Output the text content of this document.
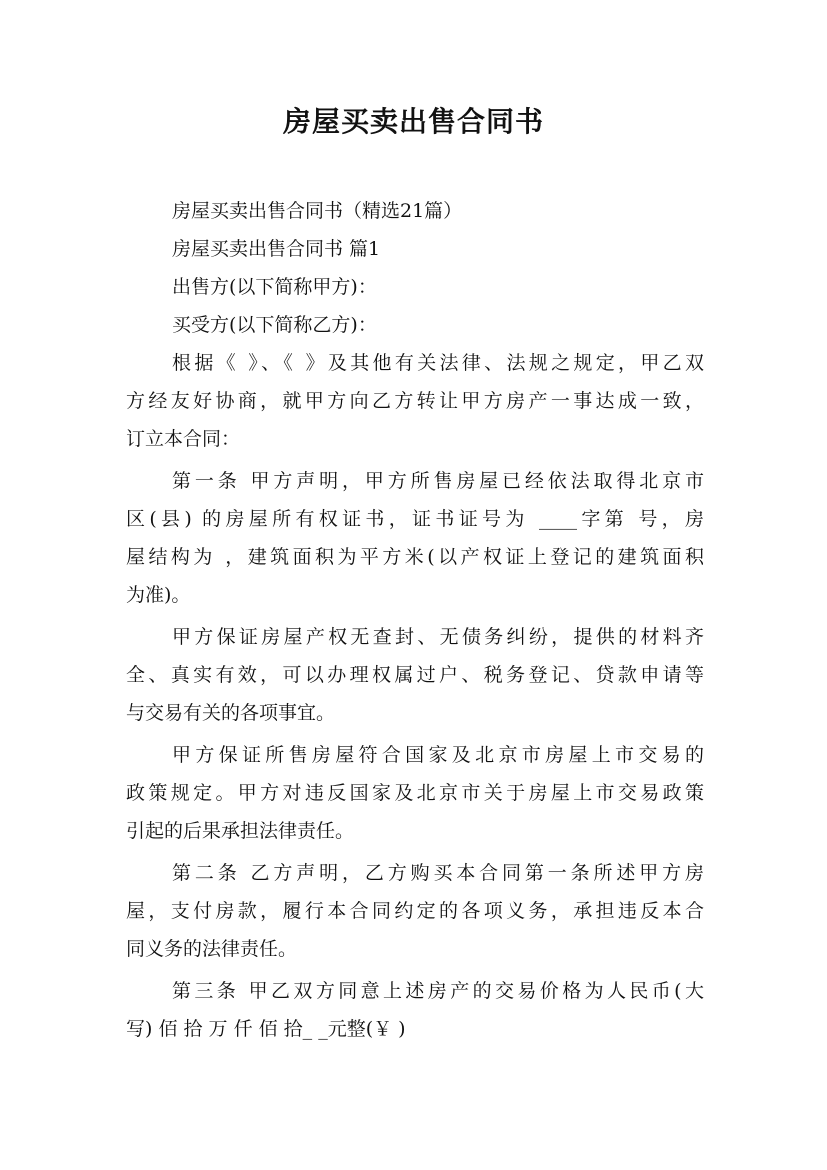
房屋买卖出售合同书

房屋买卖出售合同书（精选21篇）

房屋买卖出售合同书 篇1

出售方(以下简称甲方)：

买受方(以下简称乙方)：

根据《 》、《 》及其他有关法律、法规之规定，甲乙双
方经友好协商，就甲方向乙方转让甲方房产一事达成一致，
订立本合同：
第一条 甲方声明，甲方所售房屋已经依法取得北京市
区(县) 的房屋所有权证书，证书证号为 ____字第 号，房
屋结构为 ，建筑面积为平方米(以产权证上登记的建筑面积
为准)。
甲方保证房屋产权无查封、无债务纠纷，提供的材料齐
全、真实有效，可以办理权属过户、税务登记、贷款申请等
与交易有关的各项事宜。
甲方保证所售房屋符合国家及北京市房屋上市交易的
政策规定。甲方对违反国家及北京市关于房屋上市交易政策
引起的后果承担法律责任。
第二条 乙方声明，乙方购买本合同第一条所述甲方房
屋，支付房款，履行本合同约定的各项义务，承担违反本合
同义务的法律责任。
第三条 甲乙双方同意上述房产的交易价格为人民币(大
写) 佰 拾 万 仟 佰 拾_ _元整(￥ )
